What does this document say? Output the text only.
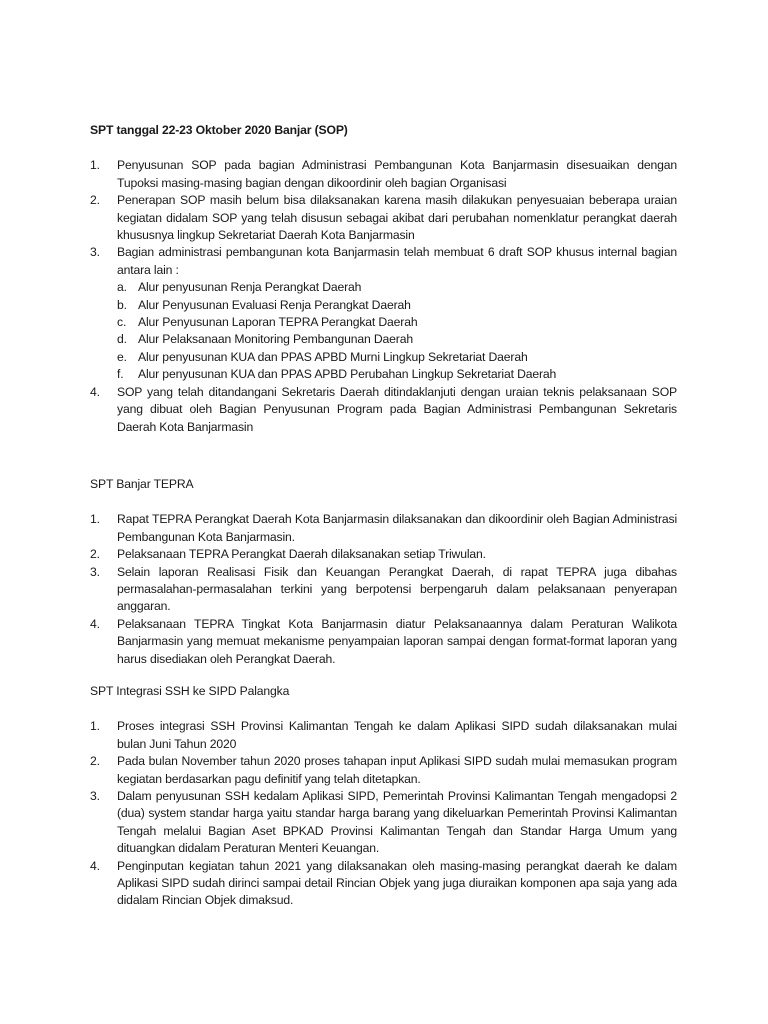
SPT tanggal 22-23 Oktober 2020 Banjar (SOP)
1. Penyusunan SOP pada bagian Administrasi Pembangunan Kota Banjarmasin disesuaikan dengan Tupoksi masing-masing bagian dengan dikoordinir oleh bagian Organisasi
2. Penerapan SOP masih belum bisa dilaksanakan karena masih dilakukan penyesuaian beberapa uraian kegiatan didalam SOP yang telah disusun sebagai akibat dari perubahan nomenklatur perangkat daerah khususnya lingkup Sekretariat Daerah Kota Banjarmasin
3. Bagian administrasi pembangunan kota Banjarmasin telah membuat 6 draft SOP khusus internal bagian antara lain :
a. Alur penyusunan Renja Perangkat Daerah
b. Alur Penyusunan Evaluasi Renja Perangkat Daerah
c. Alur Penyusunan Laporan TEPRA Perangkat Daerah
d. Alur Pelaksanaan Monitoring Pembangunan Daerah
e. Alur penyusunan KUA dan PPAS APBD Murni Lingkup Sekretariat Daerah
f. Alur penyusunan KUA dan PPAS APBD Perubahan Lingkup Sekretariat Daerah
4. SOP yang telah ditandangani Sekretaris Daerah ditindaklanjuti dengan uraian teknis pelaksanaan SOP yang dibuat oleh Bagian Penyusunan Program pada Bagian Administrasi Pembangunan Sekretaris Daerah Kota Banjarmasin
SPT Banjar TEPRA
1. Rapat TEPRA Perangkat Daerah Kota Banjarmasin dilaksanakan dan dikoordinir oleh Bagian Administrasi Pembangunan Kota Banjarmasin.
2. Pelaksanaan TEPRA Perangkat Daerah dilaksanakan setiap Triwulan.
3. Selain laporan Realisasi Fisik dan Keuangan Perangkat Daerah, di rapat TEPRA juga dibahas permasalahan-permasalahan terkini yang berpotensi berpengaruh dalam pelaksanaan penyerapan anggaran.
4. Pelaksanaan TEPRA Tingkat Kota Banjarmasin diatur Pelaksanaannya dalam Peraturan Walikota Banjarmasin yang memuat mekanisme penyampaian laporan sampai dengan format-format laporan yang harus disediakan oleh Perangkat Daerah.
SPT Integrasi SSH ke SIPD Palangka
1. Proses integrasi SSH Provinsi Kalimantan Tengah ke dalam Aplikasi SIPD sudah dilaksanakan mulai bulan Juni Tahun 2020
2. Pada bulan November tahun 2020 proses tahapan input Aplikasi SIPD sudah mulai memasukan program kegiatan berdasarkan pagu definitif yang telah ditetapkan.
3. Dalam penyusunan SSH kedalam Aplikasi SIPD, Pemerintah Provinsi Kalimantan Tengah mengadopsi 2 (dua) system standar harga yaitu standar harga barang yang dikeluarkan Pemerintah Provinsi Kalimantan Tengah melalui Bagian Aset BPKAD Provinsi Kalimantan Tengah dan Standar Harga Umum yang dituangkan didalam Peraturan Menteri Keuangan.
4. Penginputan kegiatan tahun 2021 yang dilaksanakan oleh masing-masing perangkat daerah ke dalam Aplikasi SIPD sudah dirinci sampai detail Rincian Objek yang juga diuraikan komponen apa saja yang ada didalam Rincian Objek dimaksud.
